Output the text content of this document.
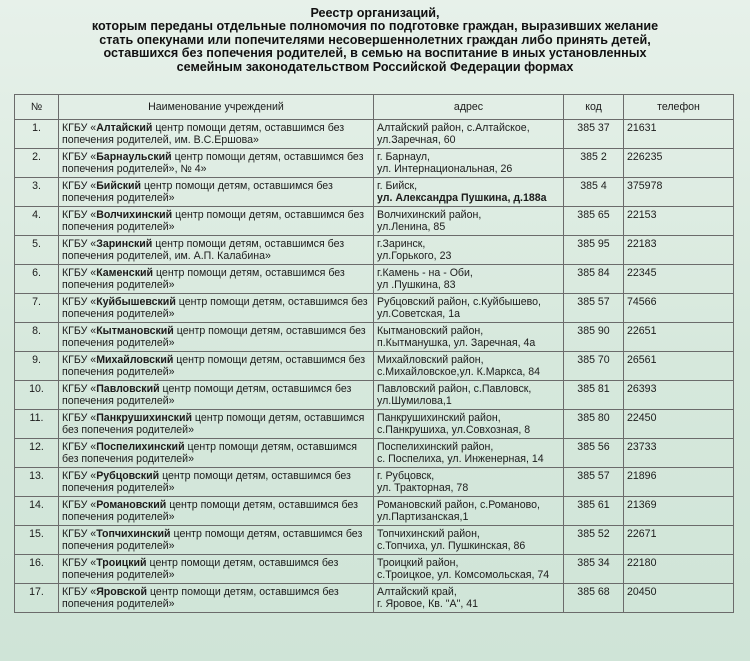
Реестр организаций,
которым переданы отдельные полномочия по подготовке граждан, выразивших желание
стать опекунами или попечителями несовершеннолетних граждан либо принять детей,
оставшихся без попечения родителей, в семью на воспитание в иных установленных
семейным законодательством Российской Федерации формах
№	Наименование учреждений	адрес	код	телефон
1.	КГБУ «Алтайский центр помощи детям, оставшимся без попечения родителей, им. В.С.Ершова»	Алтайский район, с.Алтайское,
ул.Заречная, 60	385 37	21631
2.	КГБУ «Барнаульский центр помощи детям, оставшимся без попечения родителей», № 4»	г. Барнаул,
ул. Интернациональная, 26	385 2	226235
3.	КГБУ «Бийский центр помощи детям, оставшимся без попечения родителей»	г. Бийск,
ул. Александра Пушкина, д.188а	385 4	375978
4.	КГБУ «Волчихинский центр помощи детям, оставшимся без попечения родителей»	Волчихинский район,
ул.Ленина, 85	385 65	22153
5.	КГБУ «Заринский центр помощи детям, оставшимся без попечения родителей, им. А.П. Калабина»	г.Заринск,
ул.Горького, 23	385 95	22183
6.	КГБУ «Каменский центр помощи детям, оставшимся без попечения родителей»	г.Камень - на - Оби,
ул .Пушкина, 83	385 84	22345
7.	КГБУ «Куйбышевский центр помощи детям, оставшимся без попечения родителей»	Рубцовский район, с.Куйбышево,
ул.Советская, 1а	385 57	74566
8.	КГБУ «Кытмановский центр помощи детям, оставшимся без попечения родителей»	Кытмановский район,
п.Кытманушка, ул. Заречная, 4а	385 90	22651
9.	КГБУ «Михайловский центр помощи детям, оставшимся без попечения родителей»	Михайловский район,
с.Михайловское,ул. К.Маркса, 84	385 70	26561
10.	КГБУ «Павловский центр помощи детям, оставшимся без попечения родителей»	Павловский район, с.Павловск,
ул.Шумилова,1	385 81	26393
11.	КГБУ «Панкрушихинский центр помощи детям, оставшимся без попечения родителей»	Панкрушихинский район,
с.Панкрушиха, ул.Совхозная, 8	385 80	22450
12.	КГБУ «Поспелихинский центр помощи детям, оставшимся без попечения родителей»	Поспелихинский район,
с. Поспелиха, ул. Инженерная, 14	385 56	23733
13.	КГБУ «Рубцовский центр помощи детям, оставшимся без попечения родителей»	г. Рубцовск,
ул. Тракторная, 78	385 57	21896
14.	КГБУ «Романовский центр помощи детям, оставшимся без попечения родителей»	Романовский район, с.Романово,
ул.Партизанская,1	385 61	21369
15.	КГБУ «Топчихинский центр помощи детям, оставшимся без попечения родителей»	Топчихинский район,
с.Топчиха, ул. Пушкинская, 86	385 52	22671
16.	КГБУ «Троицкий центр помощи детям, оставшимся без попечения родителей»	Троицкий район,
с.Троицкое, ул. Комсомольская, 74	385 34	22180
17.	КГБУ «Яровской центр помощи детям, оставшимся без попечения родителей»	Алтайский край,
г. Яровое, Кв. "А", 41	385 68	20450
